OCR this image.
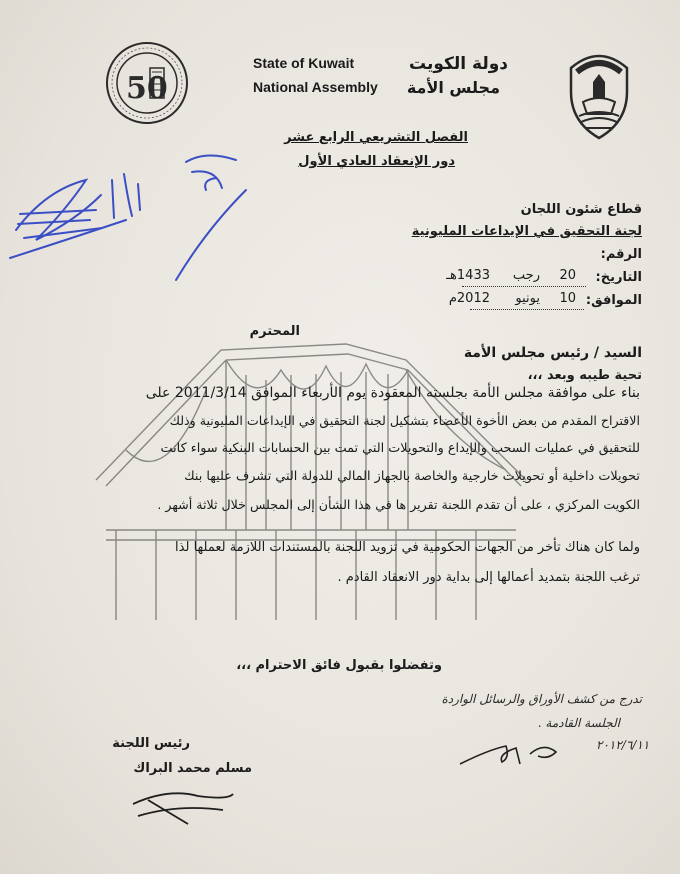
50
State of Kuwait
National Assembly
دولة الكويت
مجلس الأمة
الفصل التشريعي الرابع عشر
دور الإنعقاد العادي الأول
قطاع شئون اللجان
لجنة التحقيق في الإيداعات المليونية
الرقم:
التاريخ:
20
رجب
1433هـ
الموافق:
10
يونيو
2012م
المحترم
السيد / رئيس مجلس الأمة
تحية طيبه وبعد ،،،
بناء على موافقة مجلس الأمة بجلسته المعقودة يوم الأربعاء الموافق 2011/3/14 على
الاقتراح المقدم من بعض الأخوة الأعضاء بتشكيل لجنة التحقيق في الإيداعات المليونية وذلك
للتحقيق في عمليات السحب والإيداع والتحويلات التي تمت بين الحسابات البنكية سواء كانت
تحويلات داخلية أو تحويلات خارجية والخاصة بالجهاز المالي للدولة التي تشرف عليها بنك
الكويت المركزي ، على أن تقدم اللجنة تقرير ها في هذا الشأن إلى المجلس خلال ثلاثة أشهر .
ولما كان هناك تأخر من الجهات الحكومية في تزويد اللجنة بالمستندات اللازمة لعملها لذا
ترغب اللجنة بتمديد أعمالها إلى بداية دور الانعقاد القادم .
وتفضلوا بقبول فائق الاحترام ،،،
رئيس اللجنة
مسلم محمد البراك
تدرج من كشف الأوراق والرسائل الواردة
الجلسة القادمة .
٢٠١٢/٦/١١
